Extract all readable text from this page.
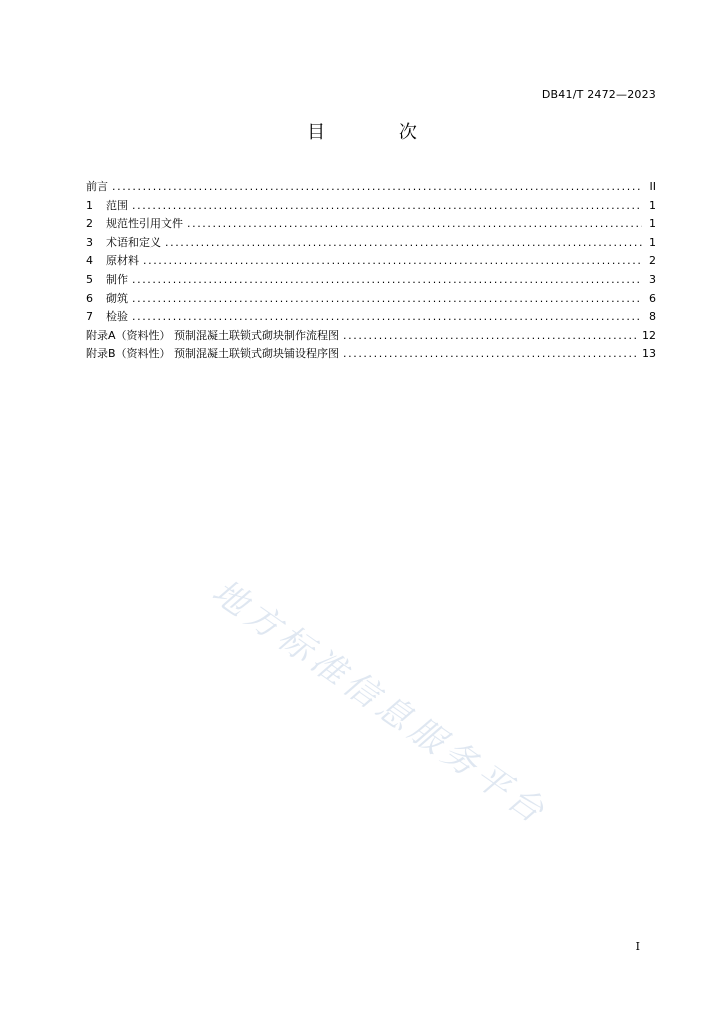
DB41/T 2472—2023
目 次
前言 .....	II
1	范围 .....	1
2	规范性引用文件 .....	1
3	术语和定义 .....	1
4	原材料 .....	2
5	制作 .....	3
6	砌筑 .....	6
7	检验 .....	8
附录A（资料性） 预制混凝土联锁式砌块制作流程图 .....	12
附录B（资料性） 预制混凝土联锁式砌块铺设程序图 .....	13
地方标准信息服务平台
I
